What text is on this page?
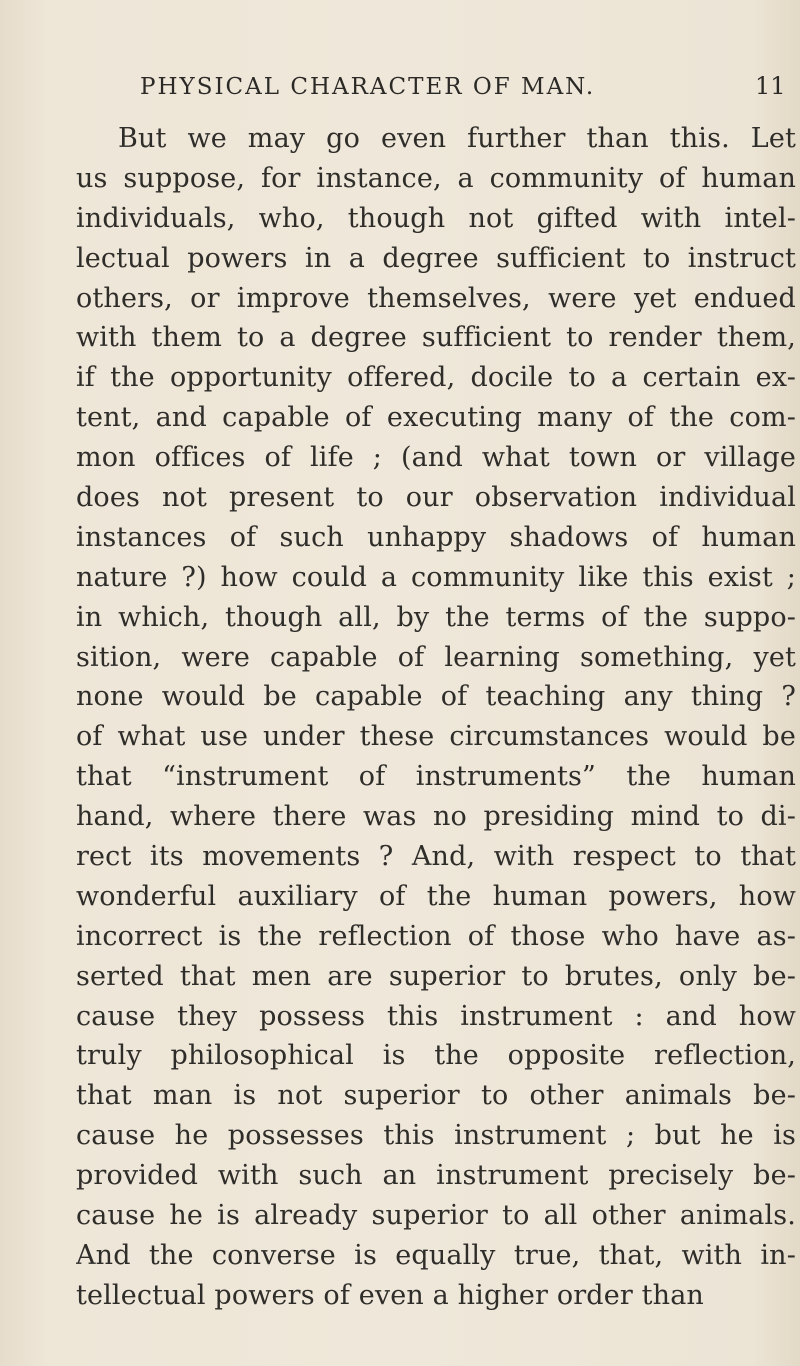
PHYSICAL CHARACTER OF MAN.	11
But we may go even further than this. Let
us suppose, for instance, a community of human
individuals, who, though not gifted with intel-
lectual powers in a degree sufficient to instruct
others, or improve themselves, were yet endued
with them to a degree sufficient to render them,
if the opportunity offered, docile to a certain ex-
tent, and capable of executing many of the com-
mon offices of life ; (and what town or village
does not present to our observation individual
instances of such unhappy shadows of human
nature ?) how could a community like this exist ;
in which, though all, by the terms of the suppo-
sition, were capable of learning something, yet
none would be capable of teaching any thing ?
of what use under these circumstances would be
that “instrument of instruments” the human
hand, where there was no presiding mind to di-
rect its movements ? And, with respect to that
wonderful auxiliary of the human powers, how
incorrect is the reflection of those who have as-
serted that men are superior to brutes, only be-
cause they possess this instrument : and how
truly philosophical is the opposite reflection,
that man is not superior to other animals be-
cause he possesses this instrument ; but he is
provided with such an instrument precisely be-
cause he is already superior to all other animals.
And the converse is equally true, that, with in-
tellectual powers of even a higher order than
